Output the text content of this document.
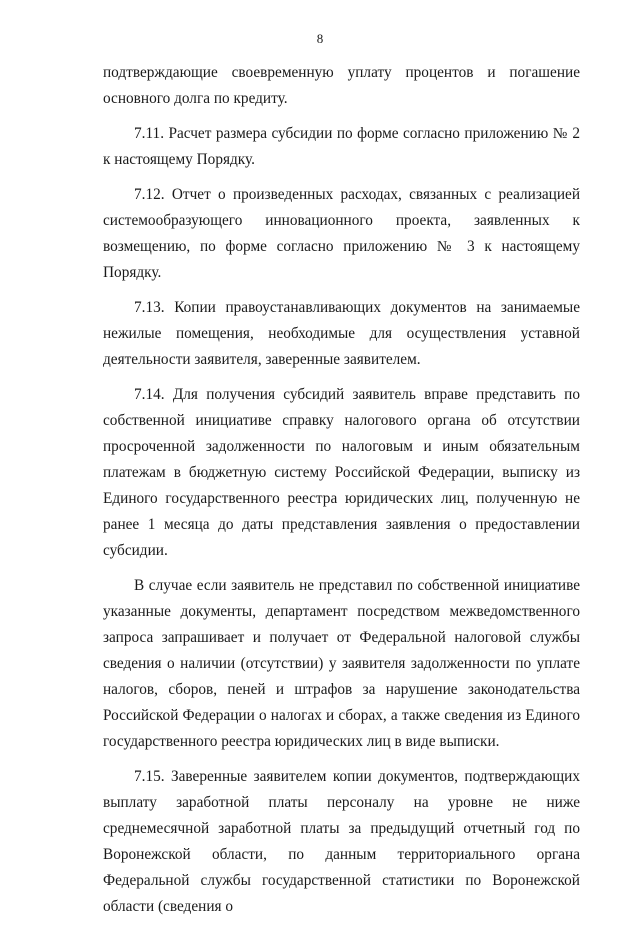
8

подтверждающие своевременную уплату процентов и погашение основного долга по кредиту.

7.11. Расчет размера субсидии по форме согласно приложению № 2 к настоящему Порядку.

7.12. Отчет о произведенных расходах, связанных с реализацией системообразующего инновационного проекта, заявленных к возмещению, по форме согласно приложению № 3 к настоящему Порядку.

7.13. Копии правоустанавливающих документов на занимаемые нежилые помещения, необходимые для осуществления уставной деятельности заявителя, заверенные заявителем.

7.14. Для получения субсидий заявитель вправе представить по собственной инициативе справку налогового органа об отсутствии просроченной задолженности по налоговым и иным обязательным платежам в бюджетную систему Российской Федерации, выписку из Единого государственного реестра юридических лиц, полученную не ранее 1 месяца до даты представления заявления о предоставлении субсидии.

В случае если заявитель не представил по собственной инициативе указанные документы, департамент посредством межведомственного запроса запрашивает и получает от Федеральной налоговой службы сведения о наличии (отсутствии) у заявителя задолженности по уплате налогов, сборов, пеней и штрафов за нарушение законодательства Российской Федерации о налогах и сборах, а также сведения из Единого государственного реестра юридических лиц в виде выписки.

7.15. Заверенные заявителем копии документов, подтверждающих выплату заработной платы персоналу на уровне не ниже среднемесячной заработной платы за предыдущий отчетный год по Воронежской области, по данным территориального органа Федеральной службы государственной статистики по Воронежской области (сведения о
